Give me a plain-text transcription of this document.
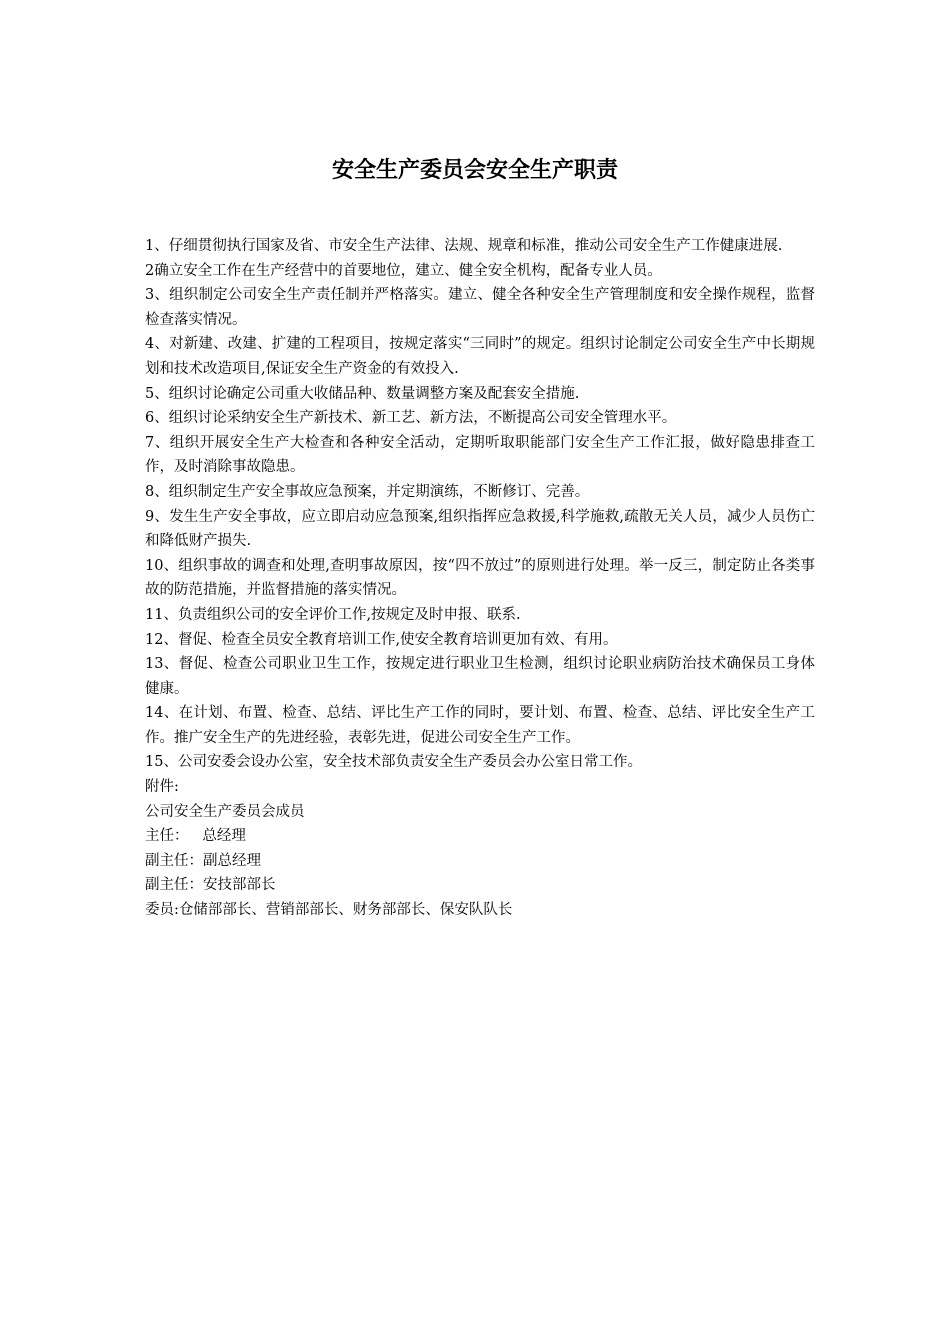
安全生产委员会安全生产职责

1、仔细贯彻执行国家及省、市安全生产法律、法规、规章和标准，推动公司安全生产工作健康进展.

2确立安全工作在生产经营中的首要地位，建立、健全安全机构，配备专业人员。

3、组织制定公司安全生产责任制并严格落实。建立、健全各种安全生产管理制度和安全操作规程，监督检查落实情况。

4、对新建、改建、扩建的工程项目，按规定落实“三同时”的规定。组织讨论制定公司安全生产中长期规划和技术改造项目,保证安全生产资金的有效投入.

5、组织讨论确定公司重大收储品种、数量调整方案及配套安全措施.

6、组织讨论采纳安全生产新技术、新工艺、新方法，不断提高公司安全管理水平。

7、组织开展安全生产大检查和各种安全活动，定期听取职能部门安全生产工作汇报，做好隐患排查工作，及时消除事故隐患。

8、组织制定生产安全事故应急预案，并定期演练，不断修订、完善。

9、发生生产安全事故，应立即启动应急预案,组织指挥应急救援,科学施救,疏散无关人员，减少人员伤亡和降低财产损失.

10、组织事故的调查和处理,查明事故原因，按“四不放过”的原则进行处理。举一反三，制定防止各类事故的防范措施，并监督措施的落实情况。

11、负责组织公司的安全评价工作,按规定及时申报、联系.

12、督促、检查全员安全教育培训工作,使安全教育培训更加有效、有用。

13、督促、检查公司职业卫生工作，按规定进行职业卫生检测，组织讨论职业病防治技术确保员工身体健康。

14、在计划、布置、检查、总结、评比生产工作的同时，要计划、布置、检查、总结、评比安全生产工作。推广安全生产的先进经验，表彰先进，促进公司安全生产工作。

15、公司安委会设办公室，安全技术部负责安全生产委员会办公室日常工作。

附件:

公司安全生产委员会成员

主任：   总经理

副主任：副总经理

副主任：安技部部长

委员:仓储部部长、营销部部长、财务部部长、保安队队长
